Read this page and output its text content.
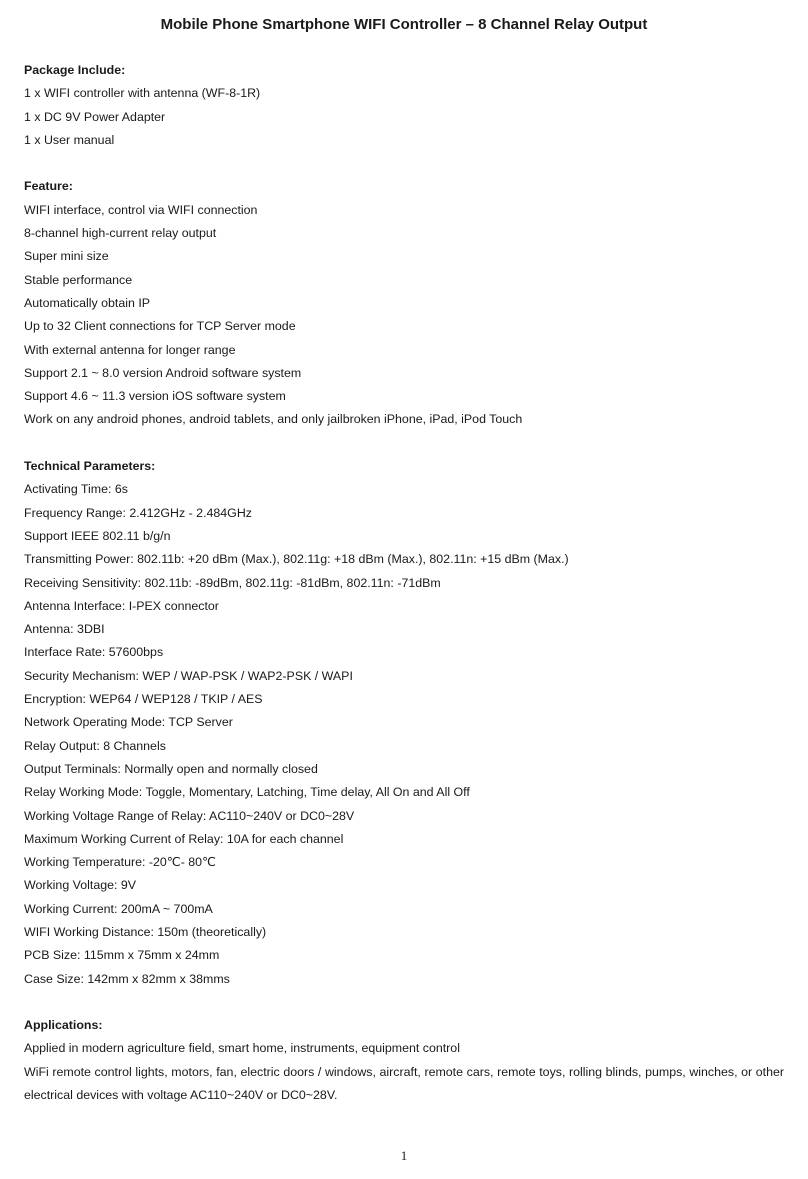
Mobile Phone Smartphone WIFI Controller – 8 Channel Relay Output
Package Include:
1 x WIFI controller with antenna (WF-8-1R)
1 x DC 9V Power Adapter
1 x User manual
Feature:
WIFI interface, control via WIFI connection
8-channel high-current relay output
Super mini size
Stable performance
Automatically obtain IP
Up to 32 Client connections for TCP Server mode
With external antenna for longer range
Support 2.1 ~ 8.0 version Android software system
Support 4.6 ~ 11.3 version iOS software system
Work on any android phones, android tablets, and only jailbroken iPhone, iPad, iPod Touch
Technical Parameters:
Activating Time: 6s
Frequency Range: 2.412GHz - 2.484GHz
Support IEEE 802.11 b/g/n
Transmitting Power: 802.11b: +20 dBm (Max.), 802.11g: +18 dBm (Max.), 802.11n: +15 dBm (Max.)
Receiving Sensitivity: 802.11b: -89dBm, 802.11g: -81dBm, 802.11n: -71dBm
Antenna Interface: I-PEX connector
Antenna: 3DBI
Interface Rate: 57600bps
Security Mechanism: WEP / WAP-PSK / WAP2-PSK / WAPI
Encryption: WEP64 / WEP128 / TKIP / AES
Network Operating Mode: TCP Server
Relay Output: 8 Channels
Output Terminals: Normally open and normally closed
Relay Working Mode: Toggle, Momentary, Latching, Time delay, All On and All Off
Working Voltage Range of Relay: AC110~240V or DC0~28V
Maximum Working Current of Relay: 10A for each channel
Working Temperature: -20℃- 80℃
Working Voltage: 9V
Working Current: 200mA ~ 700mA
WIFI Working Distance: 150m (theoretically)
PCB Size: 115mm x 75mm x 24mm
Case Size: 142mm x 82mm x 38mms
Applications:
Applied in modern agriculture field, smart home, instruments, equipment control
WiFi remote control lights, motors, fan, electric doors / windows, aircraft, remote cars, remote toys, rolling blinds, pumps, winches, or other electrical devices with voltage AC110~240V or DC0~28V.
1
